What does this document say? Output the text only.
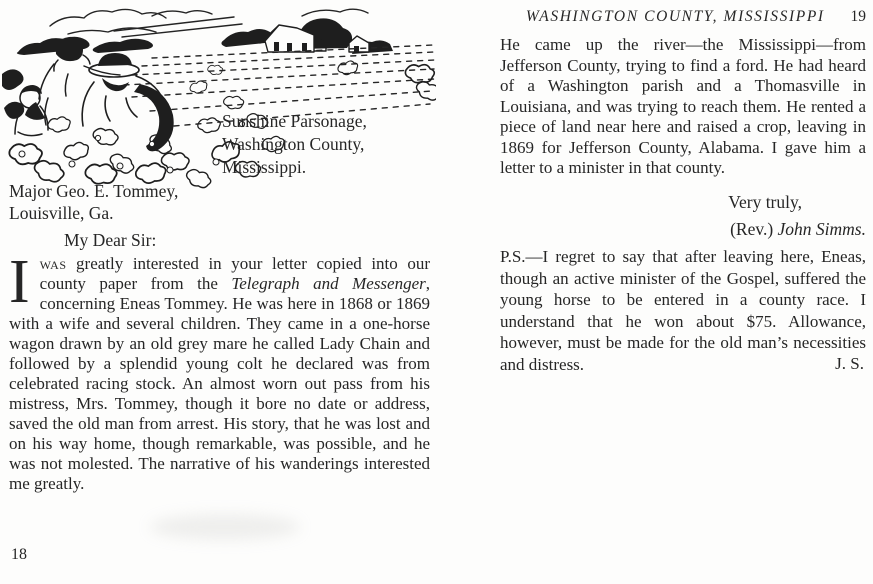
Sunshine Parsonage,
Washington County,
Mississippi.
Major Geo. E. Tommey,
Louisville, Ga.
My Dear Sir:

Iwas greatly interested in your letter copied into our county paper from the Telegraph and Messenger, concerning Eneas Tommey. He was here in 1868 or 1869 with a wife and several children. They came in a one-horse wagon drawn by an old grey mare he called Lady Chain and followed by a splendid young colt he declared was from celebrated racing stock. An almost worn out pass from his mistress, Mrs. Tommey, though it bore no date or address, saved the old man from arrest. His story, that he was lost and on his way home, though remarkable, was possible, and he was not molested. The narrative of his wanderings interested me greatly.

18
WASHINGTON COUNTY, MISSISSIPPI	19

He came up the river—the Mississippi—from Jefferson County, trying to find a ford. He had heard of a Washington parish and a Thomasville in Louisiana, and was trying to reach them. He rented a piece of land near here and raised a crop, leaving in 1869 for Jefferson County, Alabama. I gave him a letter to a minister in that county.

Very truly,
(Rev.) John Simms.

P.S.—I regret to say that after leaving here, Eneas, though an active minister of the Gospel, suffered the young horse to be entered in a county race. I understand that he won about $75. Allowance, however, must be made for the old man’s necessities and distress.	J. S.
